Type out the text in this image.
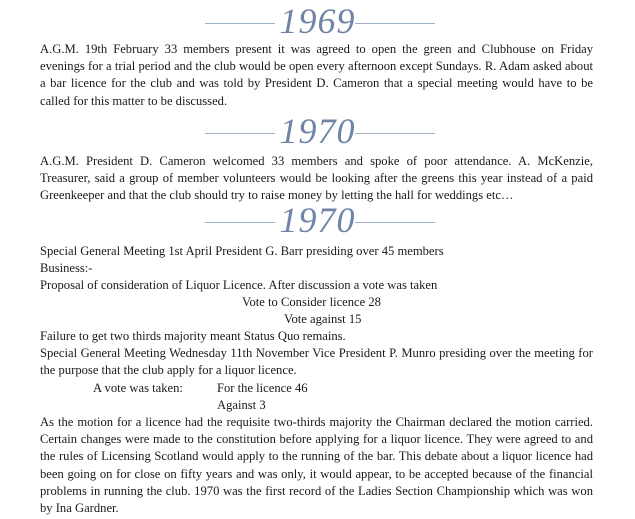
1969
A.G.M. 19th February 33 members present it was agreed to open the green and Clubhouse on Friday evenings for a trial period and the club would be open every afternoon except Sundays. R. Adam asked about a bar licence for the club and was told by President D. Cameron that a special meeting would have to be called for this matter to be discussed.
1970
A.G.M. President D. Cameron welcomed 33 members and spoke of poor attendance. A. McKenzie, Treasurer, said a group of member volunteers would be looking after the greens this year instead of a paid Greenkeeper and that the club should try to raise money by letting the hall for weddings etc…
1970
Special General Meeting 1st April President G. Barr presiding over 45 members
Business:-
Proposal of consideration of Liquor Licence. After discussion a vote was taken
Vote to Consider licence 28
Vote against 15
Failure to get two thirds majority meant Status Quo remains.
Special General Meeting Wednesday 11th November Vice President P. Munro presiding over the meeting for the purpose that the club apply for a liquor licence.
A vote was taken:	For the licence 46
Against 3
As the motion for a licence had the requisite two-thirds majority the Chairman declared the motion carried. Certain changes were made to the constitution before applying for a liquor licence. They were agreed to and the rules of Licensing Scotland would apply to the running of the bar. This debate about a liquor licence had been going on for close on fifty years and was only, it would appear, to be accepted because of the financial problems in running the club. 1970 was the first record of the Ladies Section Championship which was won by Ina Gardner.
